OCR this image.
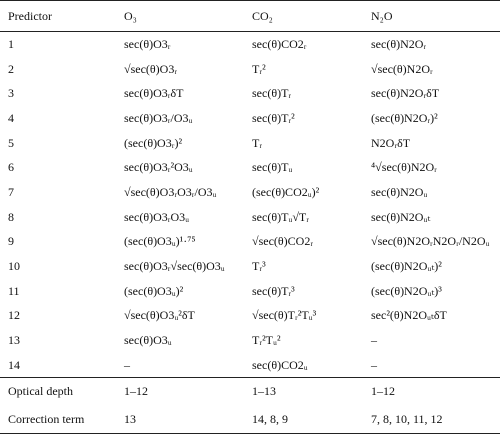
Predictor	O₃	CO₂	N₂O
1	sec(θ)O3ᵣ	sec(θ)CO2ᵣ	sec(θ)N2Oᵣ
2	√sec(θ)O3ᵣ	Tᵣ²	√sec(θ)N2Oᵣ
3	sec(θ)O3ᵣδT	sec(θ)Tᵣ	sec(θ)N2OᵣδT
4	sec(θ)O3ᵣ/O3ᵤ	sec(θ)Tᵣ²	(sec(θ)N2Oᵣ)²
5	(sec(θ)O3ᵣ)²	Tᵣ	N2OᵣδT
6	sec(θ)O3ᵣ²O3ᵤ	sec(θ)Tᵤ	⁴√sec(θ)N2Oᵣ
7	√sec(θ)O3ᵣO3ᵣ/O3ᵤ	(sec(θ)CO2ᵤ)²	sec(θ)N2Oᵤ
8	sec(θ)O3ᵣO3ᵤ	sec(θ)Tᵤ√Tᵣ	sec(θ)N2Oᵤₜ
9	(sec(θ)O3ᵤ)¹·⁷⁵	√sec(θ)CO2ᵣ	√sec(θ)N2OᵣN2Oᵣ/N2Oᵤ
10	sec(θ)O3ᵣ√sec(θ)O3ᵤ	Tᵣ³	(sec(θ)N2Oᵤₜ)²
11	(sec(θ)O3ᵤ)²	sec(θ)Tᵣ³	(sec(θ)N2Oᵤₜ)³
12	√sec(θ)O3ᵤ²δT	√sec(θ)Tᵣ²Tᵤ³	sec²(θ)N2OᵤₜδT
13	sec(θ)O3ᵤ	Tᵣ²Tᵤ²	–
14	–	sec(θ)CO2ᵤ	–
Optical depth	1–12	1–13	1–12
Correction term	13	14, 8, 9	7, 8, 10, 11, 12
